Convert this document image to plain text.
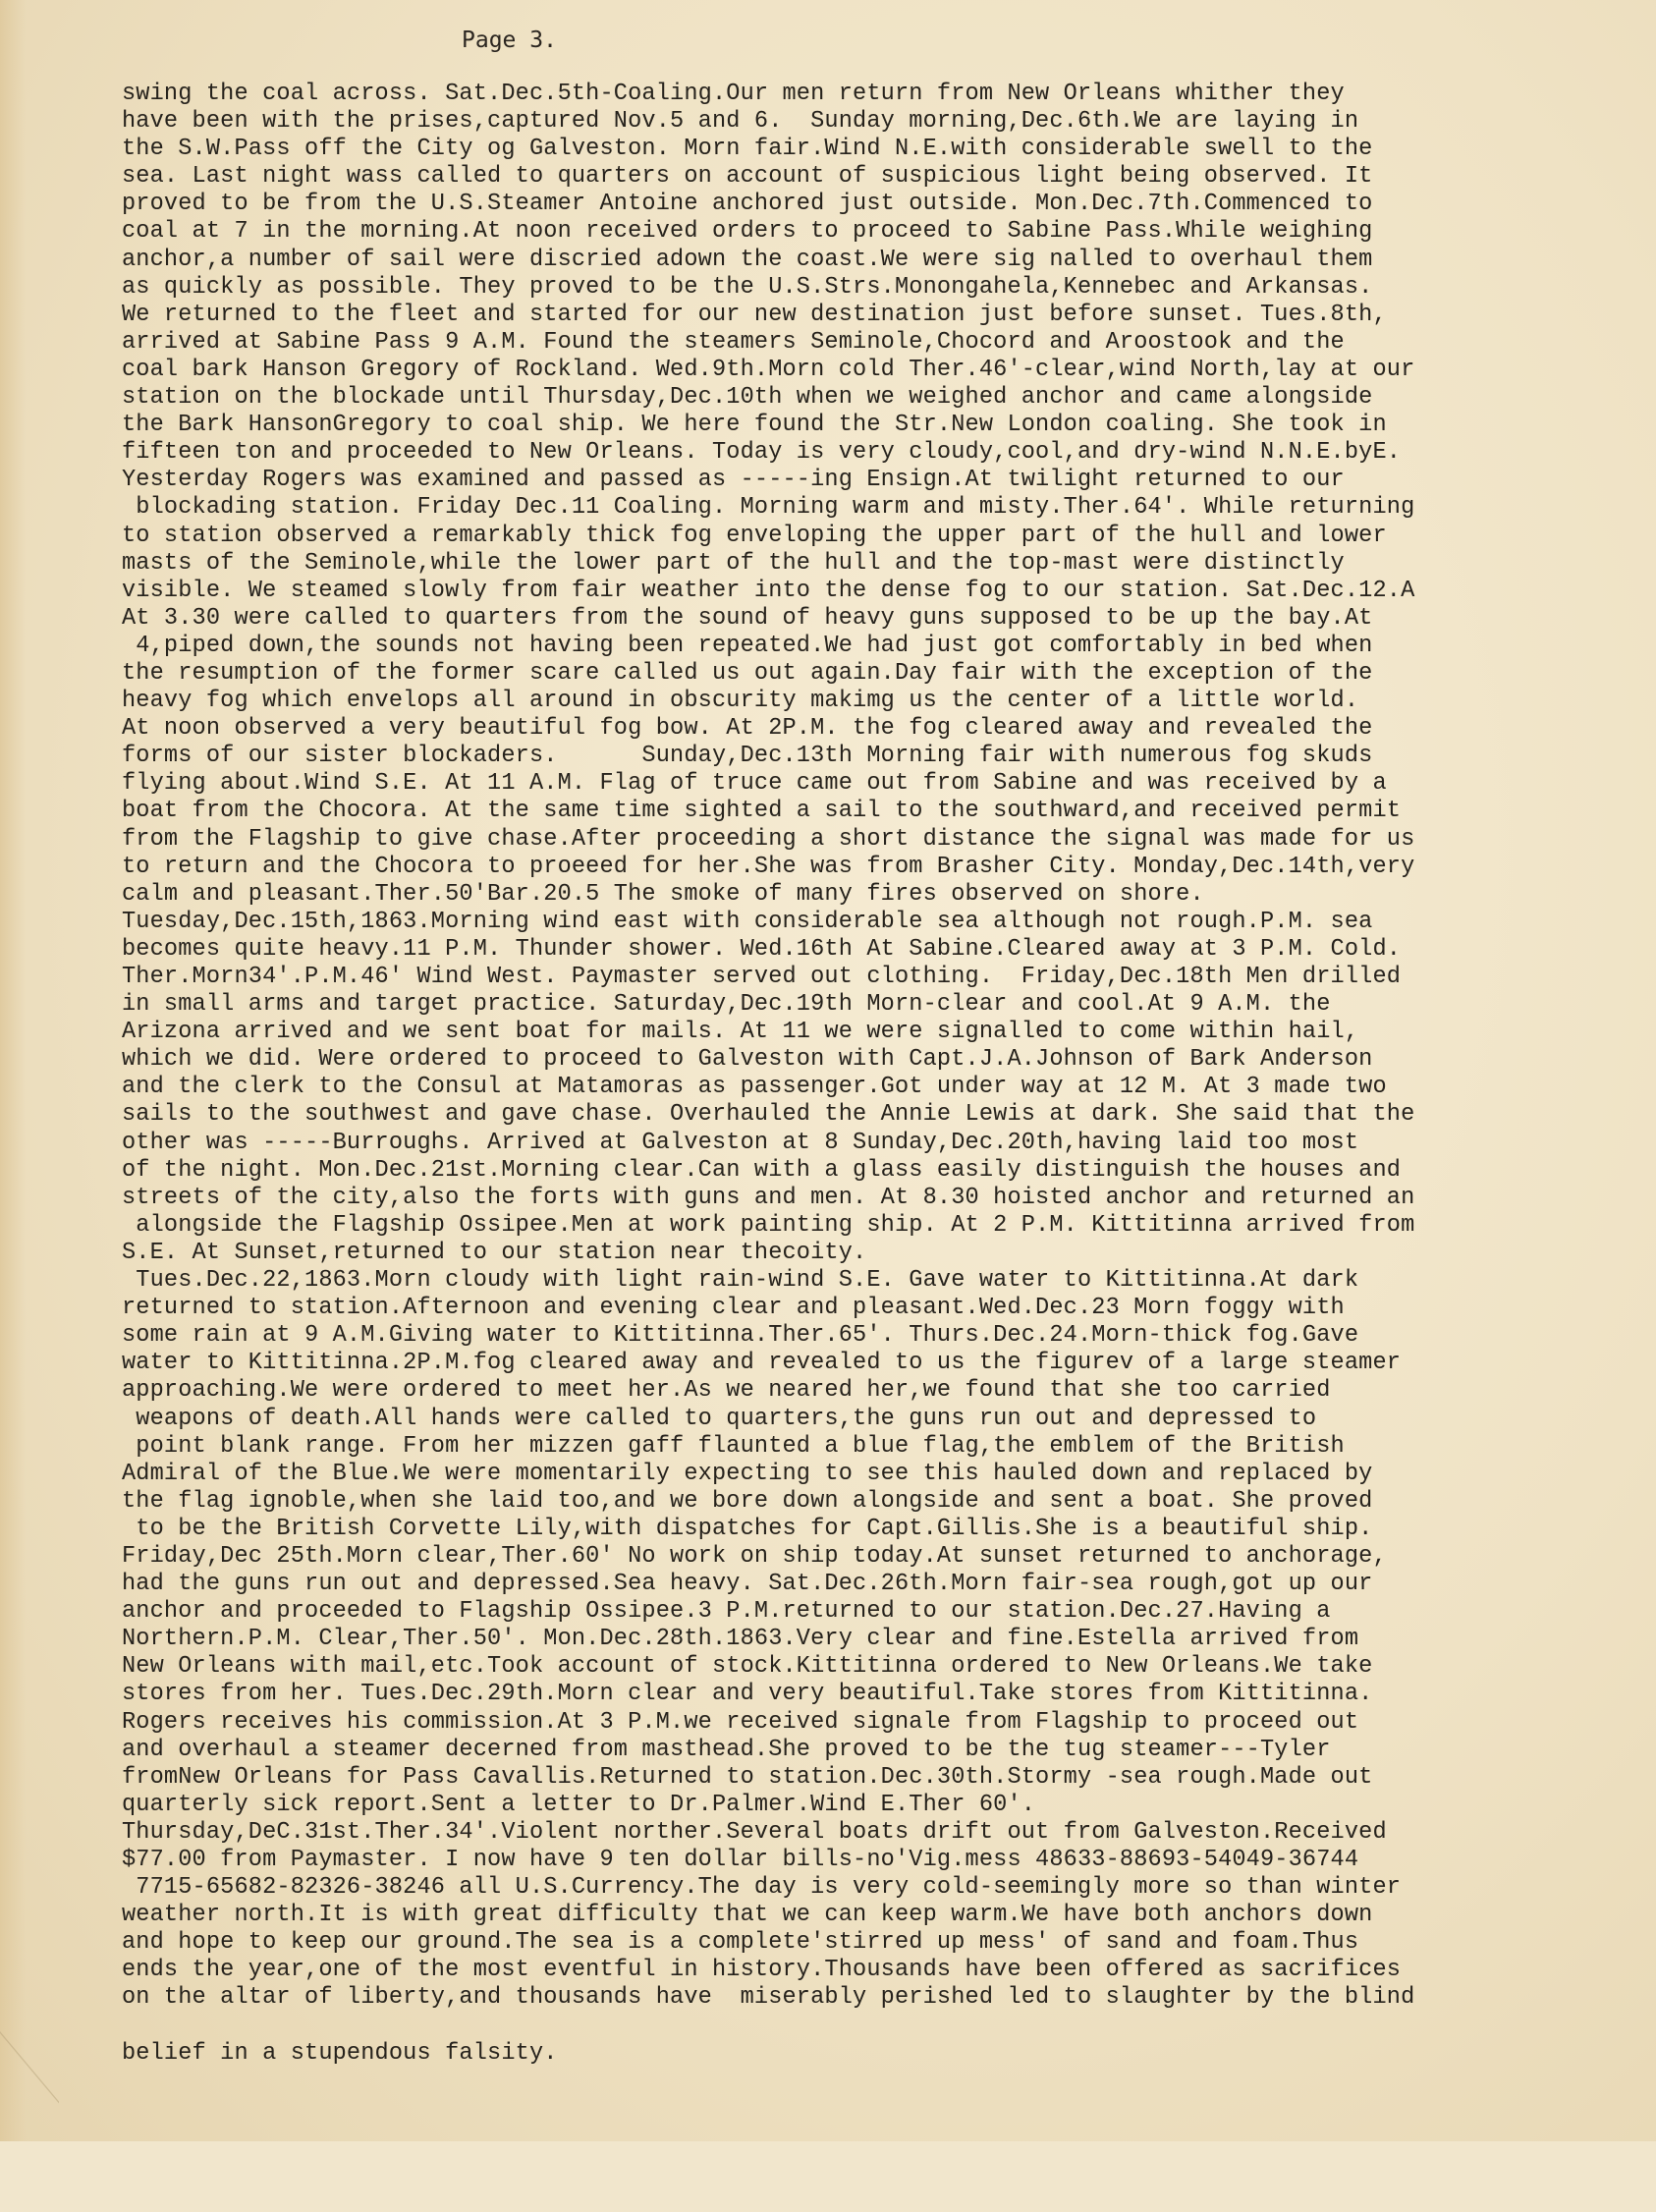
Page 3.
swing the coal across. Sat.Dec.5th-Coaling.Our men return from New Orleans whither they
have been with the prises,captured Nov.5 and 6.  Sunday morning,Dec.6th.We are laying in
the S.W.Pass off the City og Galveston. Morn fair.Wind N.E.with considerable swell to the
sea. Last night wass called to quarters on account of suspicious light being observed. It
proved to be from the U.S.Steamer Antoine anchored just outside. Mon.Dec.7th.Commenced to
coal at 7 in the morning.At noon received orders to proceed to Sabine Pass.While weighing
anchor,a number of sail were discried adown the coast.We were sig nalled to overhaul them
as quickly as possible. They proved to be the U.S.Strs.Monongahela,Kennebec and Arkansas.
We returned to the fleet and started for our new destination just before sunset. Tues.8th,
arrived at Sabine Pass 9 A.M. Found the steamers Seminole,Chocord and Aroostook and the
coal bark Hanson Gregory of Rockland. Wed.9th.Morn cold Ther.46'-clear,wind North,lay at our
station on the blockade until Thursday,Dec.10th when we weighed anchor and came alongside
the Bark HansonGregory to coal ship. We here found the Str.New London coaling. She took in
fifteen ton and proceeded to New Orleans. Today is very cloudy,cool,and dry-wind N.N.E.byE.
Yesterday Rogers was examined and passed as -----ing Ensign.At twilight returned to our
blockading station. Friday Dec.11 Coaling. Morning warm and misty.Ther.64'. While returning
to station observed a remarkably thick fog enveloping the upper part of the hull and lower
masts of the Seminole,while the lower part of the hull and the top-mast were distinctly
visible. We steamed slowly from fair weather into the dense fog to our station. Sat.Dec.12.A
At 3.30 were called to quarters from the sound of heavy guns supposed to be up the bay.At
4,piped down,the sounds not having been repeated.We had just got comfortably in bed when
the resumption of the former scare called us out again.Day fair with the exception of the
heavy fog which envelops all around in obscurity makimg us the center of a little world.
At noon observed a very beautiful fog bow. At 2P.M. the fog cleared away and revealed the
forms of our sister blockaders.      Sunday,Dec.13th Morning fair with numerous fog skuds
flying about.Wind S.E. At 11 A.M. Flag of truce came out from Sabine and was received by a
boat from the Chocora. At the same time sighted a sail to the southward,and received permit
from the Flagship to give chase.After proceeding a short distance the signal was made for us
to return and the Chocora to proeeed for her.She was from Brasher City. Monday,Dec.14th,very
calm and pleasant.Ther.50'Bar.20.5 The smoke of many fires observed on shore.
Tuesday,Dec.15th,1863.Morning wind east with considerable sea although not rough.P.M. sea
becomes quite heavy.11 P.M. Thunder shower. Wed.16th At Sabine.Cleared away at 3 P.M. Cold.
Ther.Morn34'.P.M.46' Wind West. Paymaster served out clothing.  Friday,Dec.18th Men drilled
in small arms and target practice. Saturday,Dec.19th Morn-clear and cool.At 9 A.M. the
Arizona arrived and we sent boat for mails. At 11 we were signalled to come within hail,
which we did. Were ordered to proceed to Galveston with Capt.J.A.Johnson of Bark Anderson
and the clerk to the Consul at Matamoras as passenger.Got under way at 12 M. At 3 made two
sails to the southwest and gave chase. Overhauled the Annie Lewis at dark. She said that the
other was -----Burroughs. Arrived at Galveston at 8 Sunday,Dec.20th,having laid too most
of the night. Mon.Dec.21st.Morning clear.Can with a glass easily distinguish the houses and
streets of the city,also the forts with guns and men. At 8.30 hoisted anchor and returned an
alongside the Flagship Ossipee.Men at work painting ship. At 2 P.M. Kittitinna arrived from
S.E. At Sunset,returned to our station near thecoity.
Tues.Dec.22,1863.Morn cloudy with light rain-wind S.E. Gave water to Kittitinna.At dark
returned to station.Afternoon and evening clear and pleasant.Wed.Dec.23 Morn foggy with
some rain at 9 A.M.Giving water to Kittitinna.Ther.65'. Thurs.Dec.24.Morn-thick fog.Gave
water to Kittitinna.2P.M.fog cleared away and revealed to us the figurev of a large steamer
approaching.We were ordered to meet her.As we neared her,we found that she too carried
weapons of death.All hands were called to quarters,the guns run out and depressed to
point blank range. From her mizzen gaff flaunted a blue flag,the emblem of the British
Admiral of the Blue.We were momentarily expecting to see this hauled down and replaced by
the flag ignoble,when she laid too,and we bore down alongside and sent a boat. She proved
to be the British Corvette Lily,with dispatches for Capt.Gillis.She is a beautiful ship.
Friday,Dec 25th.Morn clear,Ther.60' No work on ship today.At sunset returned to anchorage,
had the guns run out and depressed.Sea heavy. Sat.Dec.26th.Morn fair-sea rough,got up our
anchor and proceeded to Flagship Ossipee.3 P.M.returned to our station.Dec.27.Having a
Northern.P.M. Clear,Ther.50'. Mon.Dec.28th.1863.Very clear and fine.Estella arrived from
New Orleans with mail,etc.Took account of stock.Kittitinna ordered to New Orleans.We take
stores from her. Tues.Dec.29th.Morn clear and very beautiful.Take stores from Kittitinna.
Rogers receives his commission.At 3 P.M.we received signale from Flagship to proceed out
and overhaul a steamer decerned from masthead.She proved to be the tug steamer---Tyler
fromNew Orleans for Pass Cavallis.Returned to station.Dec.30th.Stormy -sea rough.Made out
quarterly sick report.Sent a letter to Dr.Palmer.Wind E.Ther 60'.
Thursday,DeC.31st.Ther.34'.Violent norther.Several boats drift out from Galveston.Received
$77.00 from Paymaster. I now have 9 ten dollar bills-no'Vig.mess 48633-88693-54049-36744
7715-65682-82326-38246 all U.S.Currency.The day is very cold-seemingly more so than winter
weather north.It is with great difficulty that we can keep warm.We have both anchors down
and hope to keep our ground.The sea is a complete'stirred up mess' of sand and foam.Thus
ends the year,one of the most eventful in history.Thousands have been offered as sacrifices
on the altar of liberty,and thousands have  miserably perished led to slaughter by the blind
belief in a stupendous falsity.
